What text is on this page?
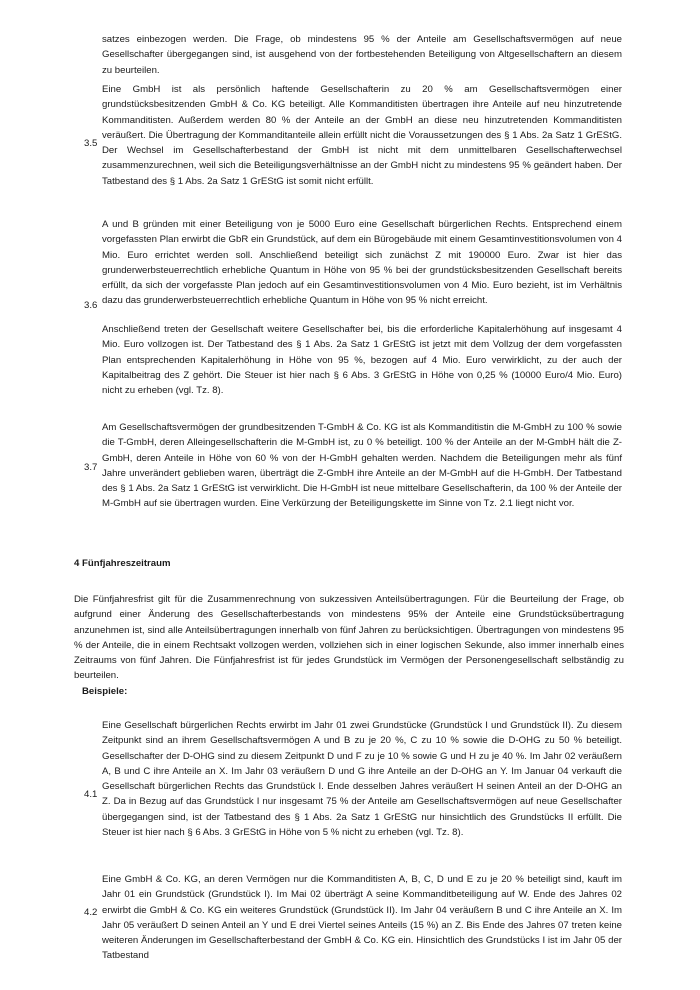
satzes einbezogen werden. Die Frage, ob mindestens 95 % der Anteile am Gesellschaftsvermögen auf neue Gesellschafter übergegangen sind, ist ausgehend von der fortbestehenden Beteiligung von Altgesellschaftern an diesem zu beurteilen.

3.5

Eine GmbH ist als persönlich haftende Gesellschafterin zu 20 % am Gesellschaftsvermögen einer grundstücksbesitzenden GmbH & Co. KG beteiligt. Alle Kommanditisten übertragen ihre Anteile auf neu hinzutretende Kommanditisten. Außerdem werden 80 % der Anteile an der GmbH an diese neu hinzutretenden Kommanditisten veräußert. Die Übertragung der Kommanditanteile allein erfüllt nicht die Voraussetzungen des § 1 Abs. 2a Satz 1 GrEStG. Der Wechsel im Gesellschafterbestand der GmbH ist nicht mit dem unmittelbaren Gesellschafterwechsel zusammenzurechnen, weil sich die Beteiligungsverhältnisse an der GmbH nicht zu mindestens 95 % geändert haben. Der Tatbestand des § 1 Abs. 2a Satz 1 GrEStG ist somit nicht erfüllt.

3.6

A und B gründen mit einer Beteiligung von je 5000 Euro eine Gesellschaft bürgerlichen Rechts. Entsprechend einem vorgefassten Plan erwirbt die GbR ein Grundstück, auf dem ein Bürogebäude mit einem Gesamtinvestitionsvolumen von 4 Mio. Euro errichtet werden soll. Anschließend beteiligt sich zunächst Z mit 190000 Euro. Zwar ist hier das grunderwerbsteuerrechtlich erhebliche Quantum in Höhe von 95 % bei der grundstücksbesitzenden Gesellschaft bereits erfüllt, da sich der vorgefasste Plan jedoch auf ein Gesamtinvestitionsvolumen von 4 Mio. Euro bezieht, ist im Verhältnis dazu das grunderwerbsteuerrechtlich erhebliche Quantum in Höhe von 95 % nicht erreicht.

Anschließend treten der Gesellschaft weitere Gesellschafter bei, bis die erforderliche Kapitalerhöhung auf insgesamt 4 Mio. Euro vollzogen ist. Der Tatbestand des § 1 Abs. 2a Satz 1 GrEStG ist jetzt mit dem Vollzug der dem vorgefassten Plan entsprechenden Kapitalerhöhung in Höhe von 95 %, bezogen auf 4 Mio. Euro verwirklicht, zu der auch der Kapitalbeitrag des Z gehört. Die Steuer ist hier nach § 6 Abs. 3 GrEStG in Höhe von 0,25 % (10000 Euro/4 Mio. Euro) nicht zu erheben (vgl. Tz. 8).

3.7

Am Gesellschaftsvermögen der grundbesitzenden T-GmbH & Co. KG ist als Kommanditistin die M-GmbH zu 100 % sowie die T-GmbH, deren Alleingesellschafterin die M-GmbH ist, zu 0 % beteiligt. 100 % der Anteile an der M-GmbH hält die Z-GmbH, deren Anteile in Höhe von 60 % von der H-GmbH gehalten werden. Nachdem die Beteiligungen mehr als fünf Jahre unverändert geblieben waren, überträgt die Z-GmbH ihre Anteile an der M-GmbH auf die H-GmbH. Der Tatbestand des § 1 Abs. 2a Satz 1 GrEStG ist verwirklicht. Die H-GmbH ist neue mittelbare Gesellschafterin, da 100 % der Anteile der M-GmbH auf sie übertragen wurden. Eine Verkürzung der Beteiligungskette im Sinne von Tz. 2.1 liegt nicht vor.

4 Fünfjahreszeitraum

Die Fünfjahresfrist gilt für die Zusammenrechnung von sukzessiven Anteilsübertragungen. Für die Beurteilung der Frage, ob aufgrund einer Änderung des Gesellschafterbestands von mindestens 95% der Anteile eine Grundstücksübertragung anzunehmen ist, sind alle Anteilsübertragungen innerhalb von fünf Jahren zu berücksichtigen. Übertragungen von mindestens 95 % der Anteile, die in einem Rechtsakt vollzogen werden, vollziehen sich in einer logischen Sekunde, also immer innerhalb eines Zeitraums von fünf Jahren. Die Fünfjahresfrist ist für jedes Grundstück im Vermögen der Personengesellschaft selbständig zu beurteilen.

Beispiele:

4.1

Eine Gesellschaft bürgerlichen Rechts erwirbt im Jahr 01 zwei Grundstücke (Grundstück I und Grundstück II). Zu diesem Zeitpunkt sind an ihrem Gesellschaftsvermögen A und B zu je 20 %, C zu 10 % sowie die D-OHG zu 50 % beteiligt. Gesellschafter der D-OHG sind zu diesem Zeitpunkt D und F zu je 10 % sowie G und H zu je 40 %. Im Jahr 02 veräußern A, B und C ihre Anteile an X. Im Jahr 03 veräußern D und G ihre Anteile an der D-OHG an Y. Im Januar 04 verkauft die Gesellschaft bürgerlichen Rechts das Grundstück I. Ende desselben Jahres veräußert H seinen Anteil an der D-OHG an Z. Da in Bezug auf das Grundstück I nur insgesamt 75 % der Anteile am Gesellschaftsvermögen auf neue Gesellschafter übergegangen sind, ist der Tatbestand des § 1 Abs. 2a Satz 1 GrEStG nur hinsichtlich des Grundstücks II erfüllt. Die Steuer ist hier nach § 6 Abs. 3 GrEStG in Höhe von 5 % nicht zu erheben (vgl. Tz. 8).

4.2

Eine GmbH & Co. KG, an deren Vermögen nur die Kommanditisten A, B, C, D und E zu je 20 % beteiligt sind, kauft im Jahr 01 ein Grundstück (Grundstück I). Im Mai 02 überträgt A seine Kommanditbeteiligung auf W. Ende des Jahres 02 erwirbt die GmbH & Co. KG ein weiteres Grundstück (Grundstück II). Im Jahr 04 veräußern B und C ihre Anteile an X. Im Jahr 05 veräußert D seinen Anteil an Y und E drei Viertel seines Anteils (15 %) an Z. Bis Ende des Jahres 07 treten keine weiteren Änderungen im Gesellschafterbestand der GmbH & Co. KG ein. Hinsichtlich des Grundstücks I ist im Jahr 05 der Tatbestand
